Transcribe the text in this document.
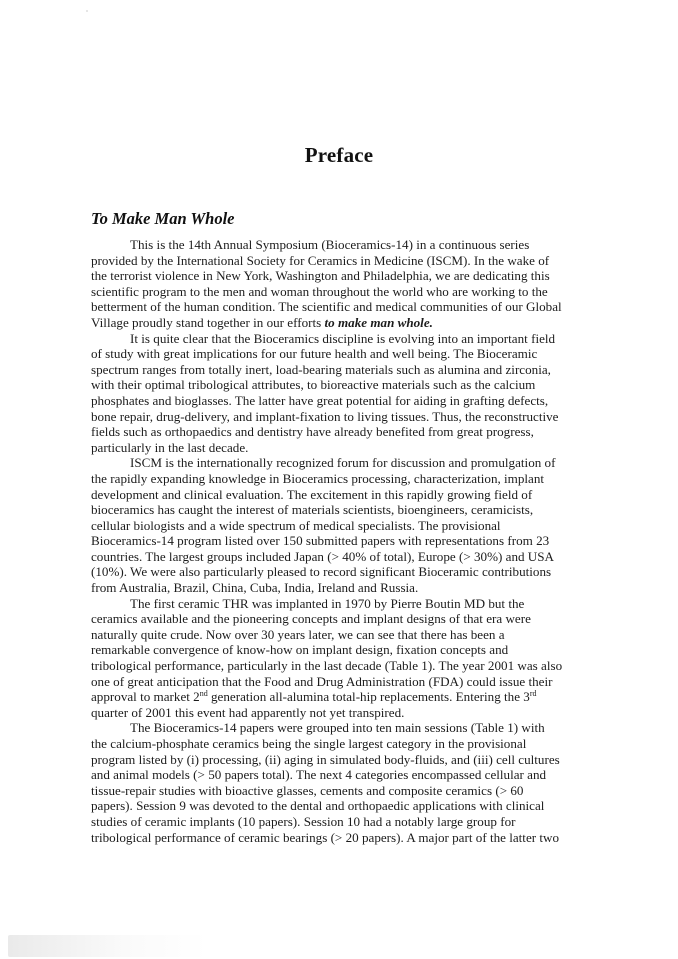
Preface
To Make Man Whole

This is the 14th Annual Symposium (Bioceramics-14) in a continuous series
provided by the International Society for Ceramics in Medicine (ISCM). In the wake of
the terrorist violence in New York, Washington and Philadelphia, we are dedicating this
scientific program to the men and woman throughout the world who are working to the
betterment of the human condition. The scientific and medical communities of our Global
Village proudly stand together in our efforts to make man whole.

It is quite clear that the Bioceramics discipline is evolving into an important field
of study with great implications for our future health and well being. The Bioceramic
spectrum ranges from totally inert, load-bearing materials such as alumina and zirconia,
with their optimal tribological attributes, to bioreactive materials such as the calcium
phosphates and bioglasses. The latter have great potential for aiding in grafting defects,
bone repair, drug-delivery, and implant-fixation to living tissues. Thus, the reconstructive
fields such as orthopaedics and dentistry have already benefited from great progress,
particularly in the last decade.

ISCM is the internationally recognized forum for discussion and promulgation of
the rapidly expanding knowledge in Bioceramics processing, characterization, implant
development and clinical evaluation. The excitement in this rapidly growing field of
bioceramics has caught the interest of materials scientists, bioengineers, ceramicists,
cellular biologists and a wide spectrum of medical specialists. The provisional
Bioceramics-14 program listed over 150 submitted papers with representations from 23
countries. The largest groups included Japan (> 40% of total), Europe (> 30%) and USA
(10%). We were also particularly pleased to record significant Bioceramic contributions
from Australia, Brazil, China, Cuba, India, Ireland and Russia.

The first ceramic THR was implanted in 1970 by Pierre Boutin MD but the
ceramics available and the pioneering concepts and implant designs of that era were
naturally quite crude. Now over 30 years later, we can see that there has been a
remarkable convergence of know-how on implant design, fixation concepts and
tribological performance, particularly in the last decade (Table 1). The year 2001 was also
one of great anticipation that the Food and Drug Administration (FDA) could issue their
approval to market 2nd generation all-alumina total-hip replacements. Entering the 3rd
quarter of 2001 this event had apparently not yet transpired.

The Bioceramics-14 papers were grouped into ten main sessions (Table 1) with
the calcium-phosphate ceramics being the single largest category in the provisional
program listed by (i) processing, (ii) aging in simulated body-fluids, and (iii) cell cultures
and animal models (> 50 papers total). The next 4 categories encompassed cellular and
tissue-repair studies with bioactive glasses, cements and composite ceramics (> 60
papers). Session 9 was devoted to the dental and orthopaedic applications with clinical
studies of ceramic implants (10 papers). Session 10 had a notably large group for
tribological performance of ceramic bearings (> 20 papers). A major part of the latter two
